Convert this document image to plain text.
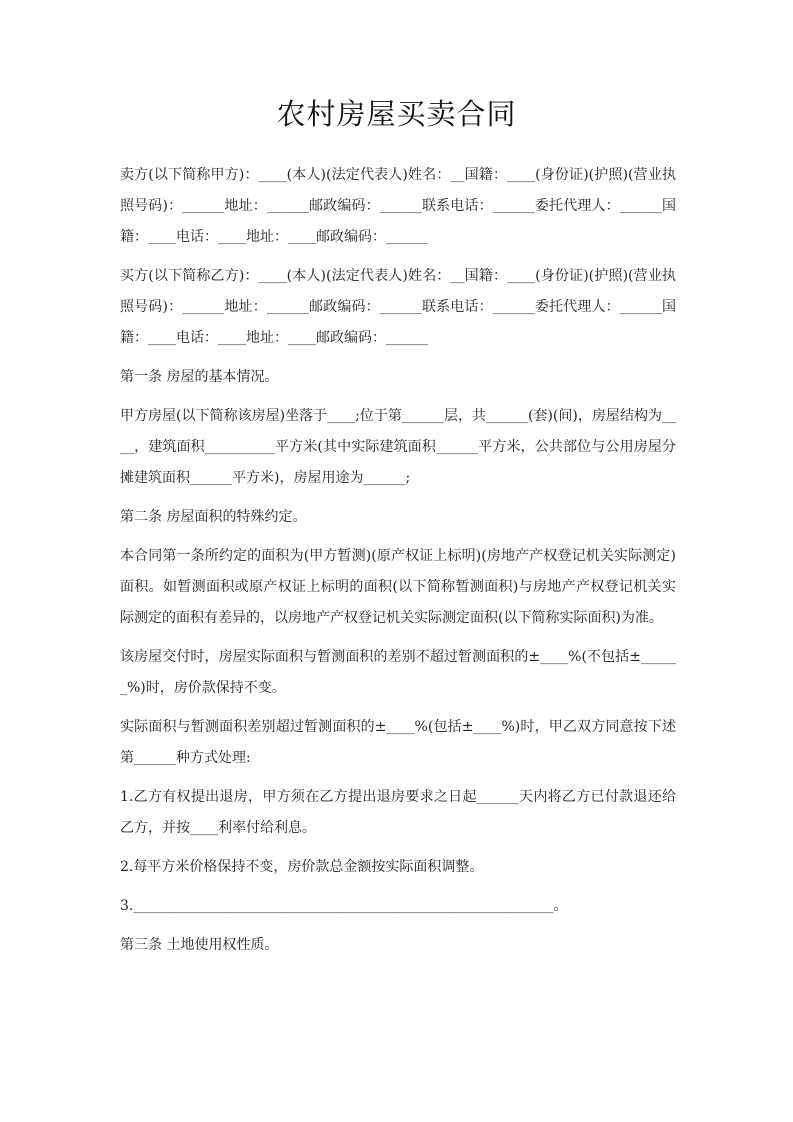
农村房屋买卖合同

卖方(以下简称甲方)：____(本人)(法定代表人)姓名：__国籍：____(身份证)(护照)(营业执照号码)：______地址：______邮政编码：______联系电话：______委托代理人：______国籍：____电话：____地址：____邮政编码：______

买方(以下简称乙方)：____(本人)(法定代表人)姓名：__国籍：____(身份证)(护照)(营业执照号码)：______地址：______邮政编码：______联系电话：______委托代理人：______国籍：____电话：____地址：____邮政编码：______

第一条 房屋的基本情况。

甲方房屋(以下简称该房屋)坐落于____;位于第______层，共______(套)(间)，房屋结构为____，建筑面积__________平方米(其中实际建筑面积______平方米，公共部位与公用房屋分摊建筑面积______平方米)，房屋用途为______;

第二条 房屋面积的特殊约定。

本合同第一条所约定的面积为(甲方暂测)(原产权证上标明)(房地产产权登记机关实际测定)面积。如暂测面积或原产权证上标明的面积(以下简称暂测面积)与房地产产权登记机关实际测定的面积有差异的，以房地产产权登记机关实际测定面积(以下简称实际面积)为准。

该房屋交付时，房屋实际面积与暂测面积的差别不超过暂测面积的±____%(不包括±______%)时，房价款保持不变。

实际面积与暂测面积差别超过暂测面积的±____%(包括±____%)时，甲乙双方同意按下述第______种方式处理:

1.乙方有权提出退房，甲方须在乙方提出退房要求之日起______天内将乙方已付款退还给乙方，并按____利率付给利息。

2.每平方米价格保持不变，房价款总金额按实际面积调整。

3.____________________________________________________________。

第三条 土地使用权性质。
